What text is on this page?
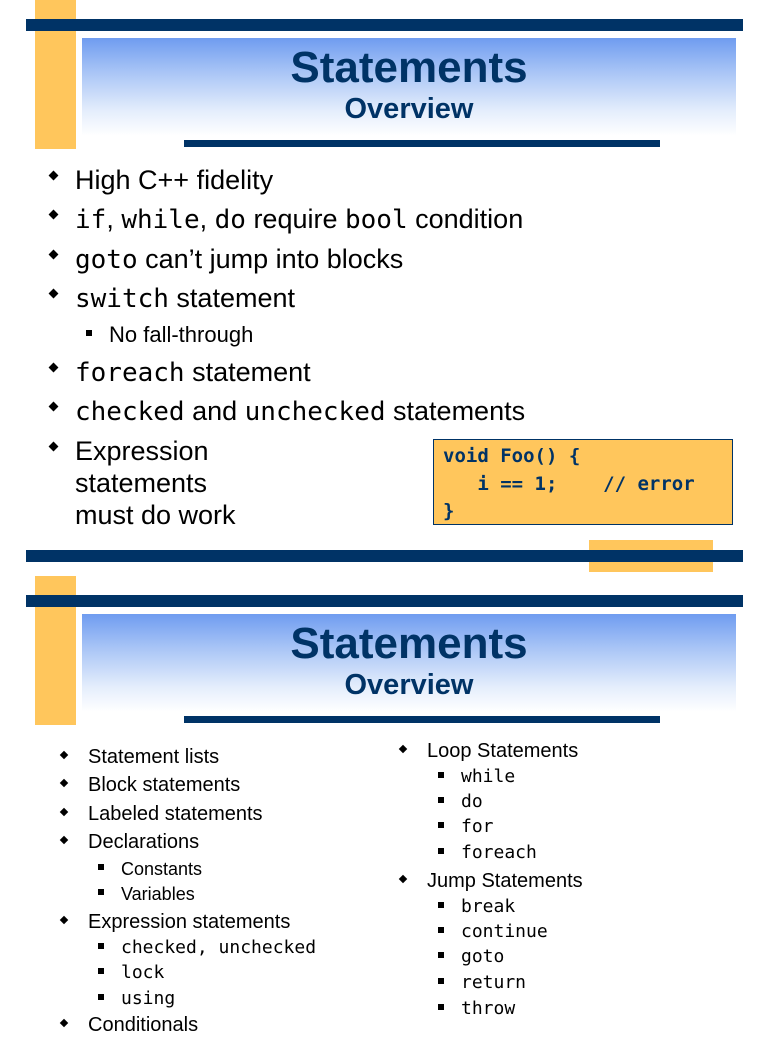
Statements
Overview
High C++ fidelity
if, while, do require bool condition
goto can’t jump into blocks
switch statement
No fall-through
foreach statement
checked and unchecked statements
Expression
statements
must do work
void Foo() {
i == 1;    // error
}
Statements
Overview
Statement lists
Block statements
Labeled statements
Declarations
Constants
Variables
Expression statements
checked, unchecked
lock
using
Conditionals
Loop Statements
while
do
for
foreach
Jump Statements
break
continue
goto
return
throw
